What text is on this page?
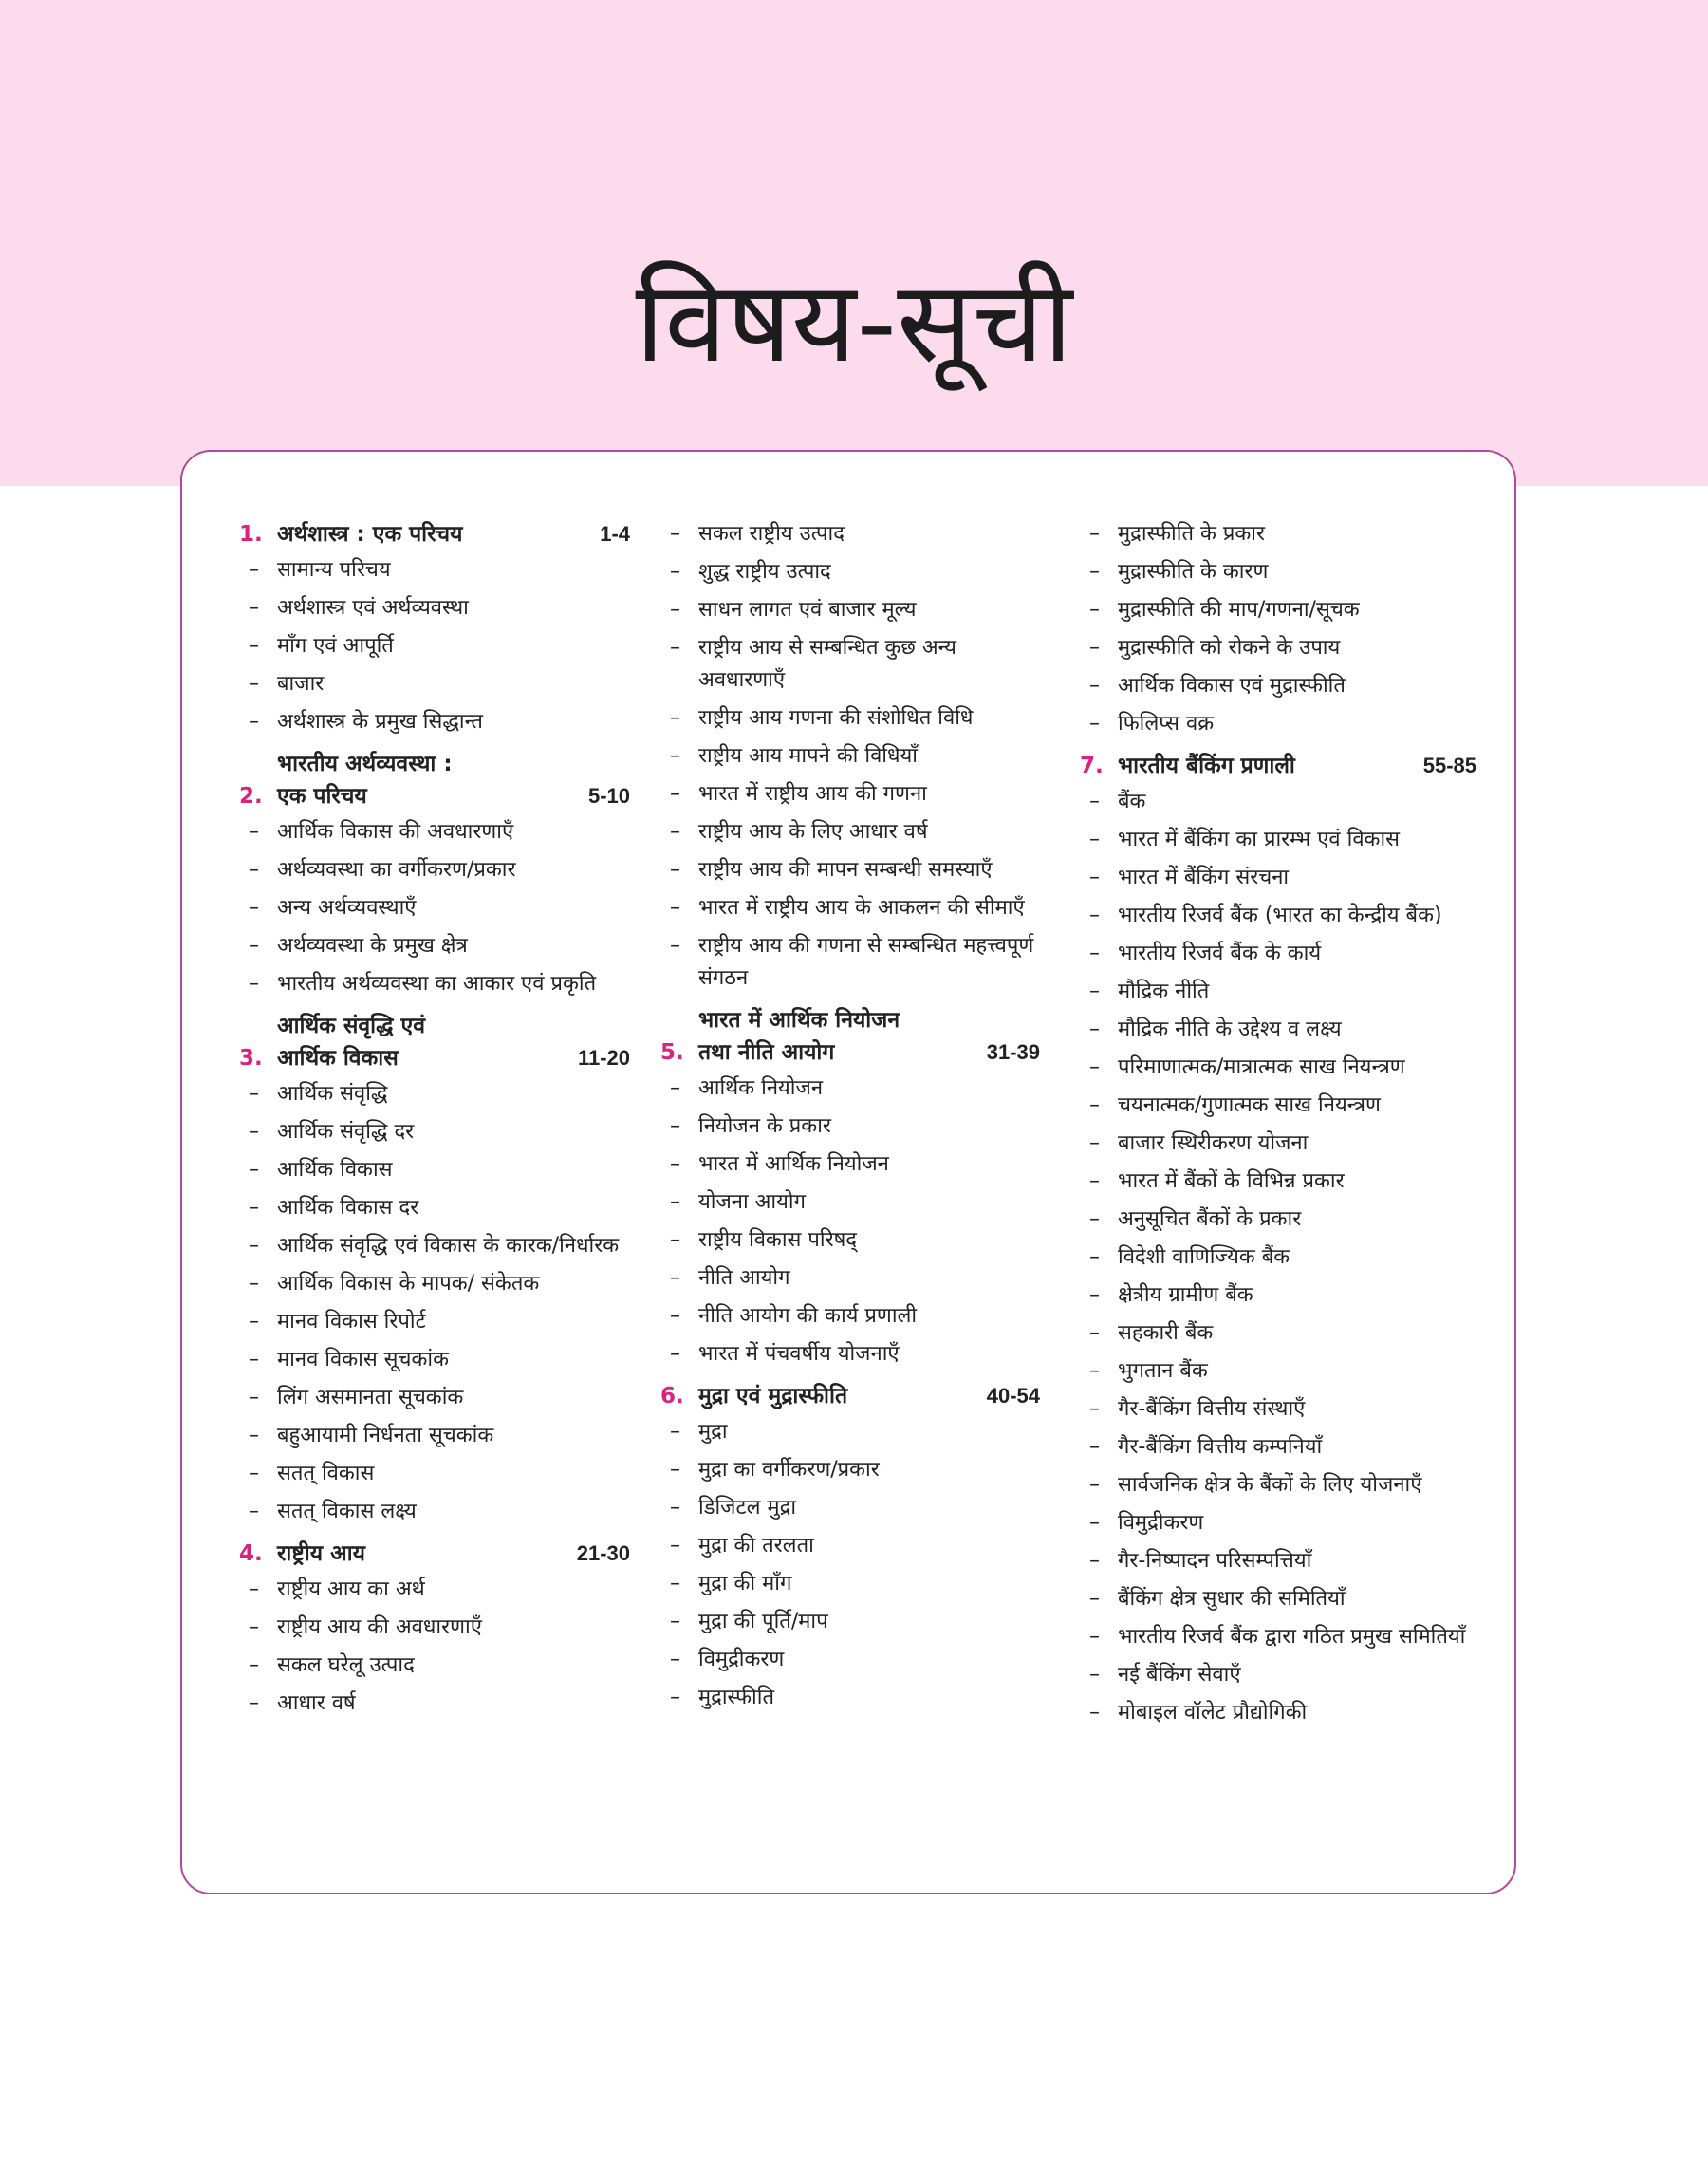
विषय-सूची
1. अर्थशास्त्र : एक परिचय	1-4
– सामान्य परिचय
– अर्थशास्त्र एवं अर्थव्यवस्था
– माँग एवं आपूर्ति
– बाजार
– अर्थशास्त्र के प्रमुख सिद्धान्त
2.
भारतीय अर्थव्यवस्था :
एक परिचय	5-10
– आर्थिक विकास की अवधारणाएँ
– अर्थव्यवस्था का वर्गीकरण/प्रकार
– अन्य अर्थव्यवस्थाएँ
– अर्थव्यवस्था के प्रमुख क्षेत्र
– भारतीय अर्थव्यवस्था का आकार एवं प्रकृति
3.
आर्थिक संवृद्धि एवं
आर्थिक विकास	11-20
– आर्थिक संवृद्धि
– आर्थिक संवृद्धि दर
– आर्थिक विकास
– आर्थिक विकास दर
– आर्थिक संवृद्धि एवं विकास के कारक/निर्धारक
– आर्थिक विकास के मापक/ संकेतक
– मानव विकास रिपोर्ट
– मानव विकास सूचकांक
– लिंग असमानता सूचकांक
– बहुआयामी निर्धनता सूचकांक
– सतत् विकास
– सतत् विकास लक्ष्य
4. राष्ट्रीय आय	21-30
– राष्ट्रीय आय का अर्थ
– राष्ट्रीय आय की अवधारणाएँ
– सकल घरेलू उत्पाद
– आधार वर्ष
– सकल राष्ट्रीय उत्पाद
– शुद्ध राष्ट्रीय उत्पाद
– साधन लागत एवं बाजार मूल्य
– राष्ट्रीय आय से सम्बन्धित कुछ अन्य अवधारणाएँ
– राष्ट्रीय आय गणना की संशोधित विधि
– राष्ट्रीय आय मापने की विधियाँ
– भारत में राष्ट्रीय आय की गणना
– राष्ट्रीय आय के लिए आधार वर्ष
– राष्ट्रीय आय की मापन सम्बन्धी समस्याएँ
– भारत में राष्ट्रीय आय के आकलन की सीमाएँ
– राष्ट्रीय आय की गणना से सम्बन्धित महत्त्वपूर्ण संगठन
5.
भारत में आर्थिक नियोजन
तथा नीति आयोग	31-39
– आर्थिक नियोजन
– नियोजन के प्रकार
– भारत में आर्थिक नियोजन
– योजना आयोग
– राष्ट्रीय विकास परिषद्
– नीति आयोग
– नीति आयोग की कार्य प्रणाली
– भारत में पंचवर्षीय योजनाएँ
6. मुद्रा एवं मुद्रास्फीति	40-54
– मुद्रा
– मुद्रा का वर्गीकरण/प्रकार
– डिजिटल मुद्रा
– मुद्रा की तरलता
– मुद्रा की माँग
– मुद्रा की पूर्ति/माप
– विमुद्रीकरण
– मुद्रास्फीति
– मुद्रास्फीति के प्रकार
– मुद्रास्फीति के कारण
– मुद्रास्फीति की माप/गणना/सूचक
– मुद्रास्फीति को रोकने के उपाय
– आर्थिक विकास एवं मुद्रास्फीति
– फिलिप्स वक्र
7. भारतीय बैंकिंग प्रणाली	55-85
– बैंक
– भारत में बैंकिंग का प्रारम्भ एवं विकास
– भारत में बैंकिंग संरचना
– भारतीय रिजर्व बैंक (भारत का केन्द्रीय बैंक)
– भारतीय रिजर्व बैंक के कार्य
– मौद्रिक नीति
– मौद्रिक नीति के उद्देश्य व लक्ष्य
– परिमाणात्मक/मात्रात्मक साख नियन्त्रण
– चयनात्मक/गुणात्मक साख नियन्त्रण
– बाजार स्थिरीकरण योजना
– भारत में बैंकों के विभिन्न प्रकार
– अनुसूचित बैंकों के प्रकार
– विदेशी वाणिज्यिक बैंक
– क्षेत्रीय ग्रामीण बैंक
– सहकारी बैंक
– भुगतान बैंक
– गैर-बैंकिंग वित्तीय संस्थाएँ
– गैर-बैंकिंग वित्तीय कम्पनियाँ
– सार्वजनिक क्षेत्र के बैंकों के लिए योजनाएँ
– विमुद्रीकरण
– गैर-निष्पादन परिसम्पत्तियाँ
– बैंकिंग क्षेत्र सुधार की समितियाँ
– भारतीय रिजर्व बैंक द्वारा गठित प्रमुख समितियाँ
– नई बैंकिंग सेवाएँ
– मोबाइल वॉलेट प्रौद्योगिकी
